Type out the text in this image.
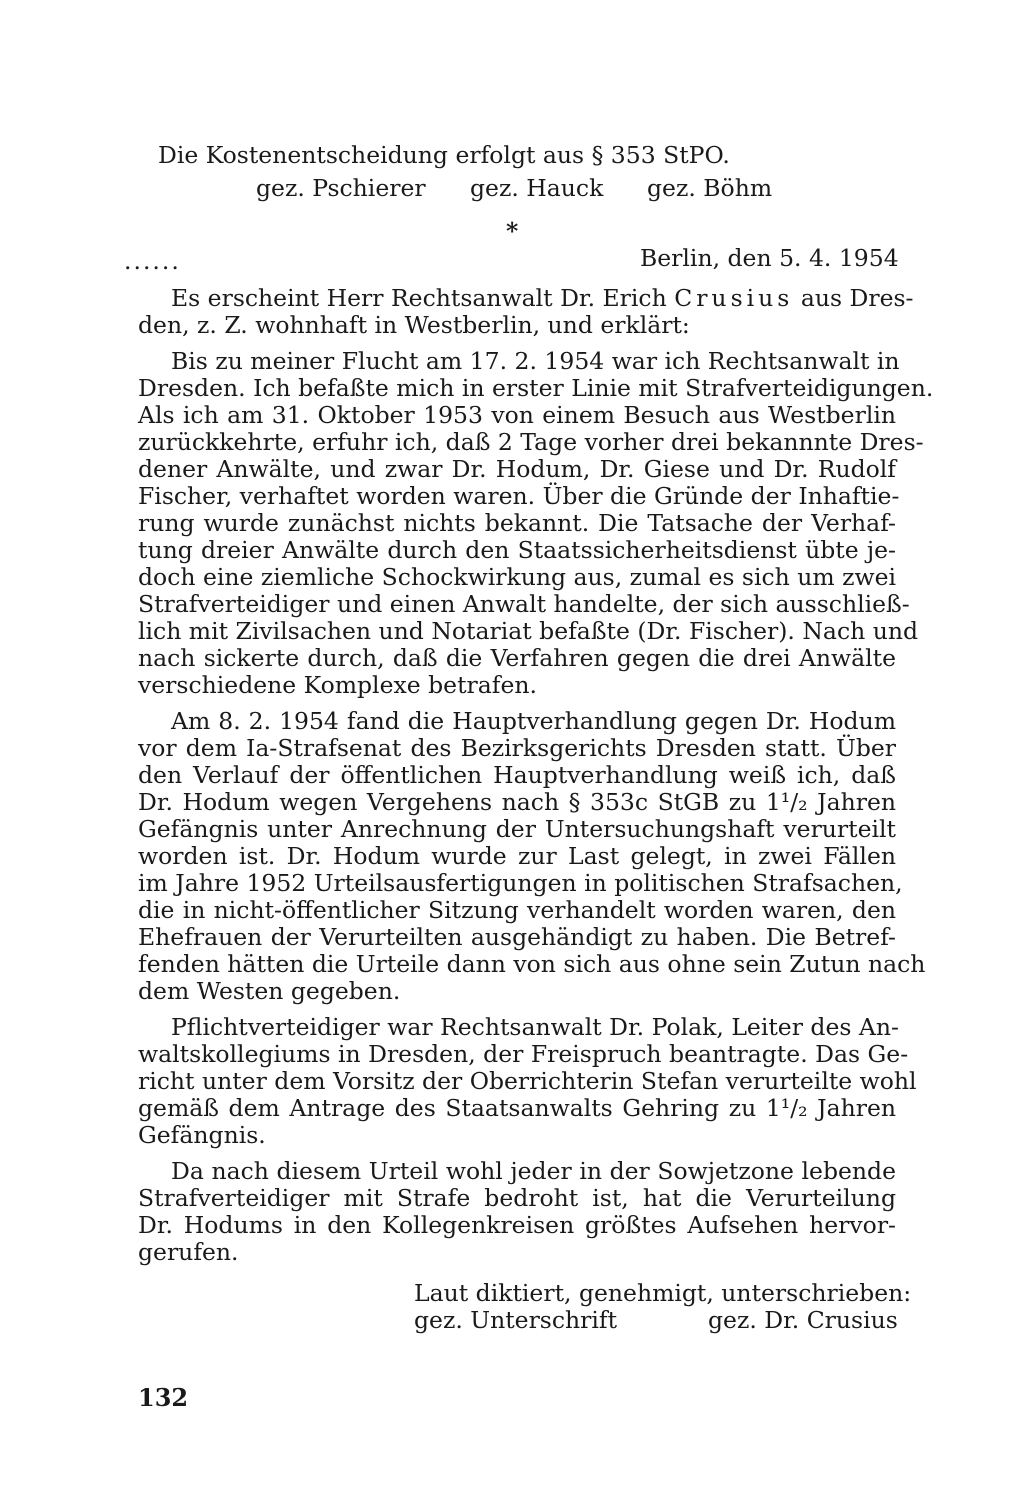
Die Kostenentscheidung erfolgt aus § 353 StPO.
gez. Pschierer gez. Hauck gez. Böhm
*
......	Berlin, den 5. 4. 1954
Es erscheint Herr Rechtsanwalt Dr. Erich Crusius aus Dres-
den, z. Z. wohnhaft in Westberlin, und erklärt:
Bis zu meiner Flucht am 17. 2. 1954 war ich Rechtsanwalt in
Dresden. Ich befaßte mich in erster Linie mit Strafverteidigungen.
Als ich am 31. Oktober 1953 von einem Besuch aus Westberlin
zurückkehrte, erfuhr ich, daß 2 Tage vorher drei bekannnte Dres-
dener Anwälte, und zwar Dr. Hodum, Dr. Giese und Dr. Rudolf
Fischer, verhaftet worden waren. Über die Gründe der Inhaftie-
rung wurde zunächst nichts bekannt. Die Tatsache der Verhaf-
tung dreier Anwälte durch den Staatssicherheitsdienst übte je-
doch eine ziemliche Schockwirkung aus, zumal es sich um zwei
Strafverteidiger und einen Anwalt handelte, der sich ausschließ-
lich mit Zivilsachen und Notariat befaßte (Dr. Fischer). Nach und
nach sickerte durch, daß die Verfahren gegen die drei Anwälte
verschiedene Komplexe betrafen.
Am 8. 2. 1954 fand die Hauptverhandlung gegen Dr. Hodum
vor dem Ia-Strafsenat des Bezirksgerichts Dresden statt. Über
den Verlauf der öffentlichen Hauptverhandlung weiß ich, daß
Dr. Hodum wegen Vergehens nach § 353c StGB zu 1¹/₂ Jahren
Gefängnis unter Anrechnung der Untersuchungshaft verurteilt
worden ist. Dr. Hodum wurde zur Last gelegt, in zwei Fällen
im Jahre 1952 Urteilsausfertigungen in politischen Strafsachen,
die in nicht-öffentlicher Sitzung verhandelt worden waren, den
Ehefrauen der Verurteilten ausgehändigt zu haben. Die Betref-
fenden hätten die Urteile dann von sich aus ohne sein Zutun nach
dem Westen gegeben.
Pflichtverteidiger war Rechtsanwalt Dr. Polak, Leiter des An-
waltskollegiums in Dresden, der Freispruch beantragte. Das Ge-
richt unter dem Vorsitz der Oberrichterin Stefan verurteilte wohl
gemäß dem Antrage des Staatsanwalts Gehring zu 1¹/₂ Jahren
Gefängnis.
Da nach diesem Urteil wohl jeder in der Sowjetzone lebende
Strafverteidiger mit Strafe bedroht ist, hat die Verurteilung
Dr. Hodums in den Kollegenkreisen größtes Aufsehen hervor-
gerufen.
Laut diktiert, genehmigt, unterschrieben:
gez. Unterschrift	gez. Dr. Crusius
132
